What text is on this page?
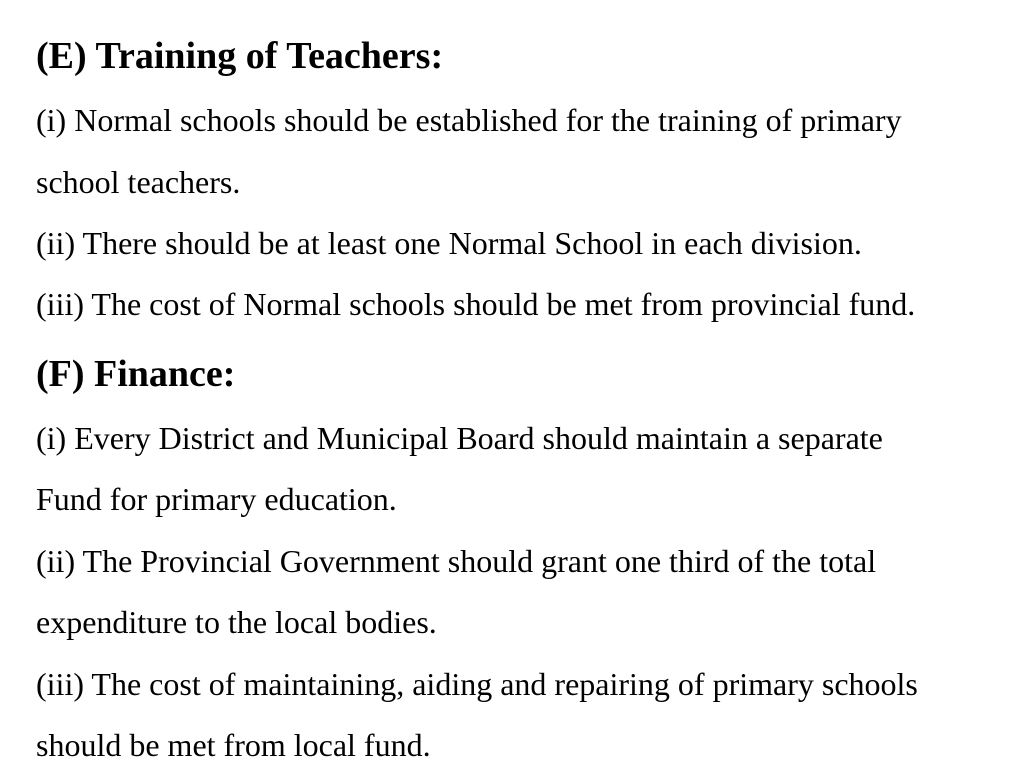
(E) Training of Teachers:
(i) Normal schools should be established for the training of primary
school teachers.
(ii) There should be at least one Normal School in each division.
(iii) The cost of Normal schools should be met from provincial fund.
(F) Finance:
(i) Every District and Municipal Board should maintain a separate
Fund for primary education.
(ii) The Provincial Government should grant one third of the total
expenditure to the local bodies.
(iii) The cost of maintaining, aiding and repairing of primary schools
should be met from local fund.
